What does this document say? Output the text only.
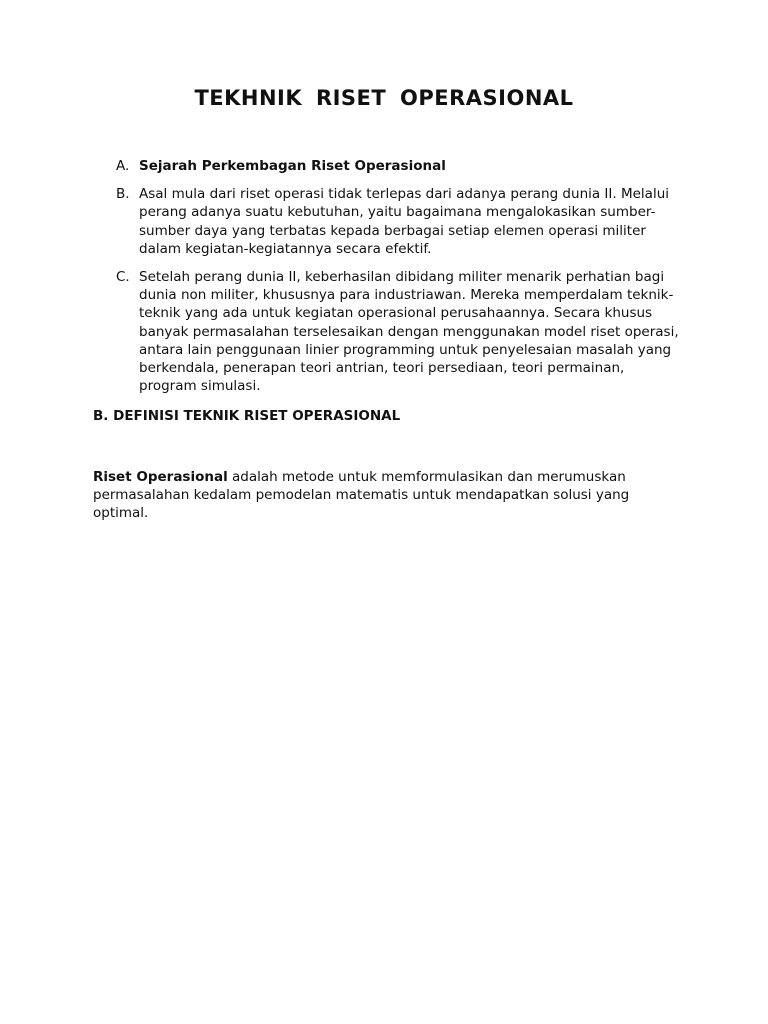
TEKHNIK RISET OPERASIONAL
A. Sejarah Perkembagan Riset Operasional
B. Asal mula dari riset operasi tidak terlepas dari adanya perang dunia II. Melalui perang adanya suatu kebutuhan, yaitu bagaimana mengalokasikan sumber-sumber daya yang terbatas kepada berbagai setiap elemen operasi militer dalam kegiatan-kegiatannya secara efektif.
C. Setelah perang dunia II, keberhasilan dibidang militer menarik perhatian bagi dunia non militer, khususnya para industriawan. Mereka memperdalam teknik-teknik yang ada untuk kegiatan operasional perusahaannya. Secara khusus banyak permasalahan terselesaikan dengan menggunakan model riset operasi, antara lain penggunaan linier programming untuk penyelesaian masalah yang berkendala, penerapan teori antrian, teori persediaan, teori permainan, program simulasi.
B. DEFINISI TEKNIK RISET OPERASIONAL

Riset Operasional adalah metode untuk memformulasikan dan merumuskan permasalahan kedalam pemodelan matematis untuk mendapatkan solusi yang optimal.
